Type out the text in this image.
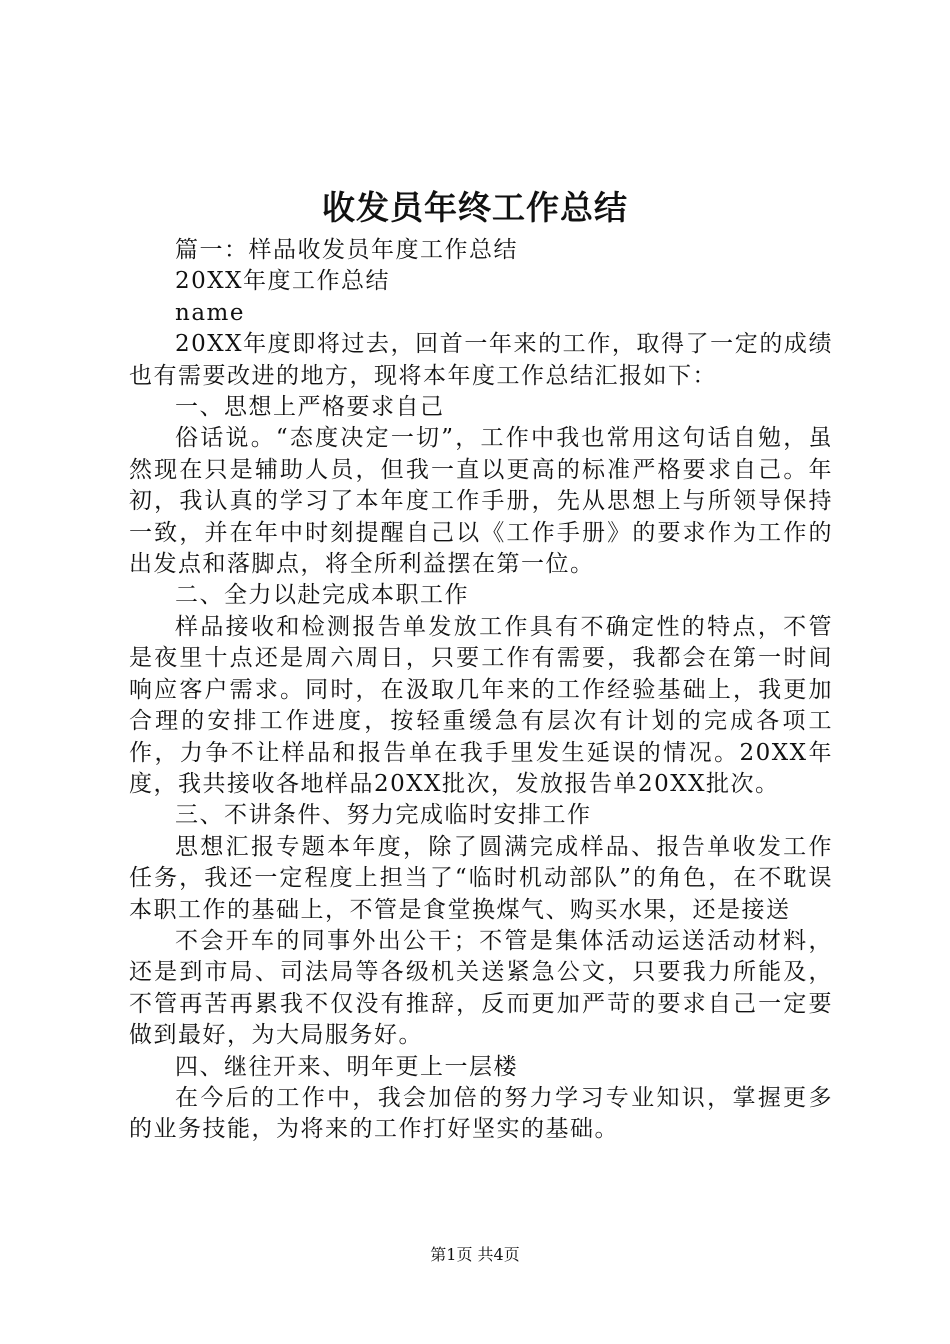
收发员年终工作总结

篇一：样品收发员年度工作总结

20XX年度工作总结

name

20XX年度即将过去，回首一年来的工作，取得了一定的成绩也有需要改进的地方，现将本年度工作总结汇报如下：

一、思想上严格要求自己

俗话说。“态度决定一切”，工作中我也常用这句话自勉，虽然现在只是辅助人员，但我一直以更高的标准严格要求自己。年初，我认真的学习了本年度工作手册，先从思想上与所领导保持一致，并在年中时刻提醒自己以《工作手册》的要求作为工作的出发点和落脚点，将全所利益摆在第一位。

二、全力以赴完成本职工作

样品接收和检测报告单发放工作具有不确定性的特点，不管是夜里十点还是周六周日，只要工作有需要，我都会在第一时间响应客户需求。同时，在汲取几年来的工作经验基础上，我更加合理的安排工作进度，按轻重缓急有层次有计划的完成各项工作，力争不让样品和报告单在我手里发生延误的情况。20XX年度，我共接收各地样品20XX批次，发放报告单20XX批次。

三、不讲条件、努力完成临时安排工作

思想汇报专题本年度，除了圆满完成样品、报告单收发工作任务，我还一定程度上担当了“临时机动部队”的角色，在不耽误本职工作的基础上，不管是食堂换煤气、购买水果，还是接送

不会开车的同事外出公干；不管是集体活动运送活动材料，还是到市局、司法局等各级机关送紧急公文，只要我力所能及，不管再苦再累我不仅没有推辞，反而更加严苛的要求自己一定要做到最好，为大局服务好。

四、继往开来、明年更上一层楼

在今后的工作中，我会加倍的努力学习专业知识，掌握更多的业务技能，为将来的工作打好坚实的基础。

第1页 共4页
